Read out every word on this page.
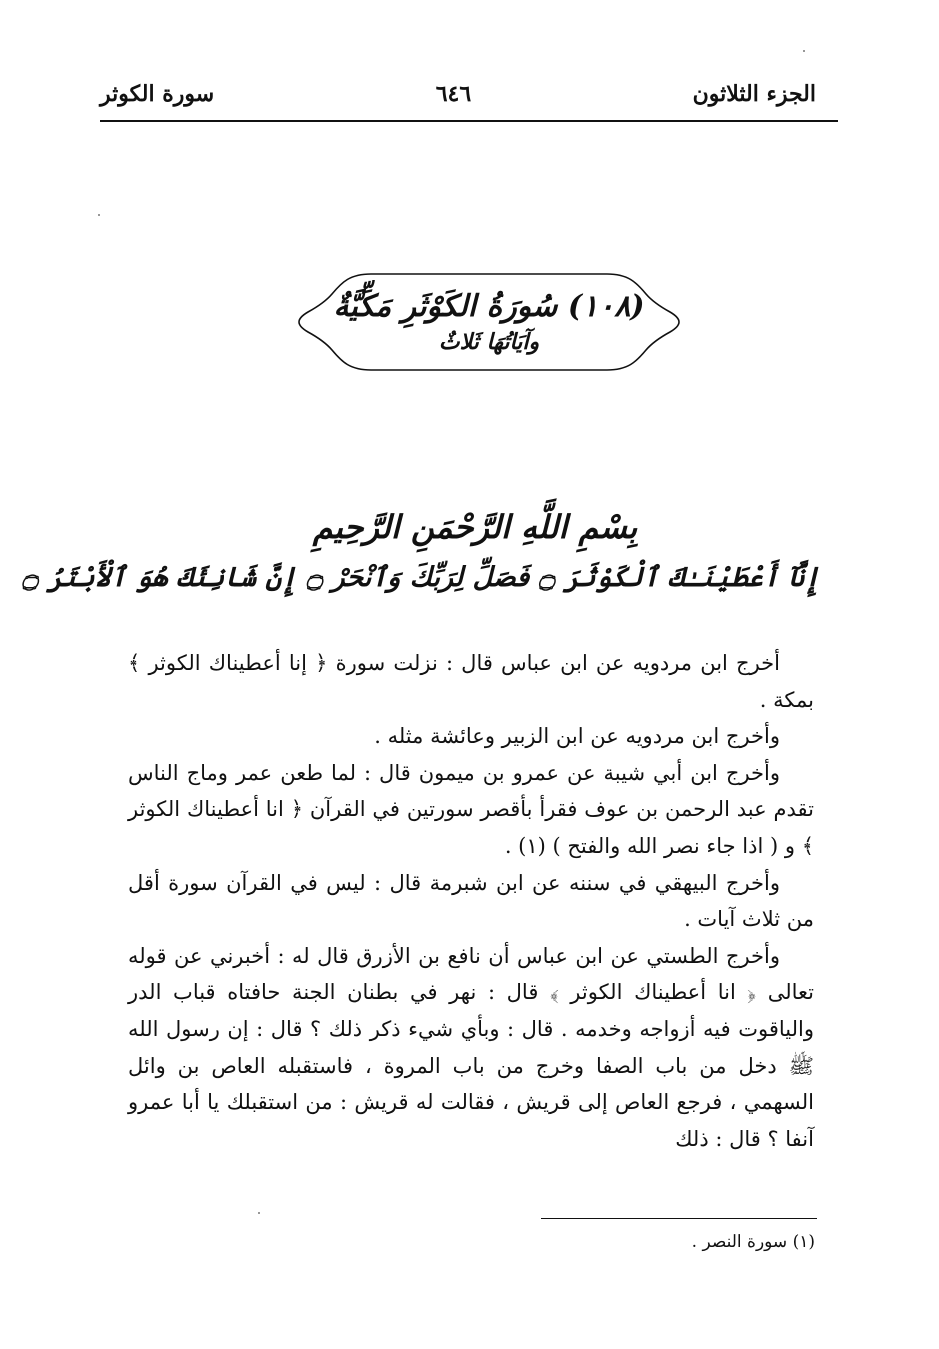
الجزء الثلاثون
٦٤٦
سورة الكوثر
(١٠٨) سُورَةُ الكَوْثَرِ مَكِّيَّةٌ
وآيَاتُهَا ثَلاثٌ
بِسْمِ اللَّهِ الرَّحْمَنِ الرَّحِيمِ
إِنَّآ أَعْطَيْنَـٰكَ ٱلْكَوْثَرَ ۝ فَصَلِّ لِرَبِّكَ وَٱنْحَرْ ۝ إِنَّ شَانِئَكَ هُوَ ٱلْأَبْتَرُ ۝

أخرج ابن مردويه عن ابن عباس قال : نزلت سورة ﴿ إنا أعطيناك الكوثر ﴾ بمكة .

وأخرج ابن مردويه عن ابن الزبير وعائشة مثله .

وأخرج ابن أبي شيبة عن عمرو بن ميمون قال : لما طعن عمر وماج الناس تقدم عبد الرحمن بن عوف فقرأ بأقصر سورتين في القرآن ﴿ انا أعطيناك الكوثر ﴾ و ( اذا جاء نصر الله والفتح ) (١) .

وأخرج البيهقي في سننه عن ابن شبرمة قال : ليس في القرآن سورة أقل من ثلاث آيات .

وأخرج الطستي عن ابن عباس أن نافع بن الأزرق قال له : أخبرني عن قوله تعالى ﴿ انا أعطيناك الكوثر ﴾ قال : نهر في بطنان الجنة حافتاه قباب الدر والياقوت فيه أزواجه وخدمه . قال : وبأي شيء ذكر ذلك ؟ قال : إن رسول الله ﷺ دخل من باب الصفا وخرج من باب المروة ، فاستقبله العاص بن وائل السهمي ، فرجع العاص إلى قريش ، فقالت له قريش : من استقبلك يا أبا عمرو آنفا ؟ قال : ذلك

(١) سورة النصر .
